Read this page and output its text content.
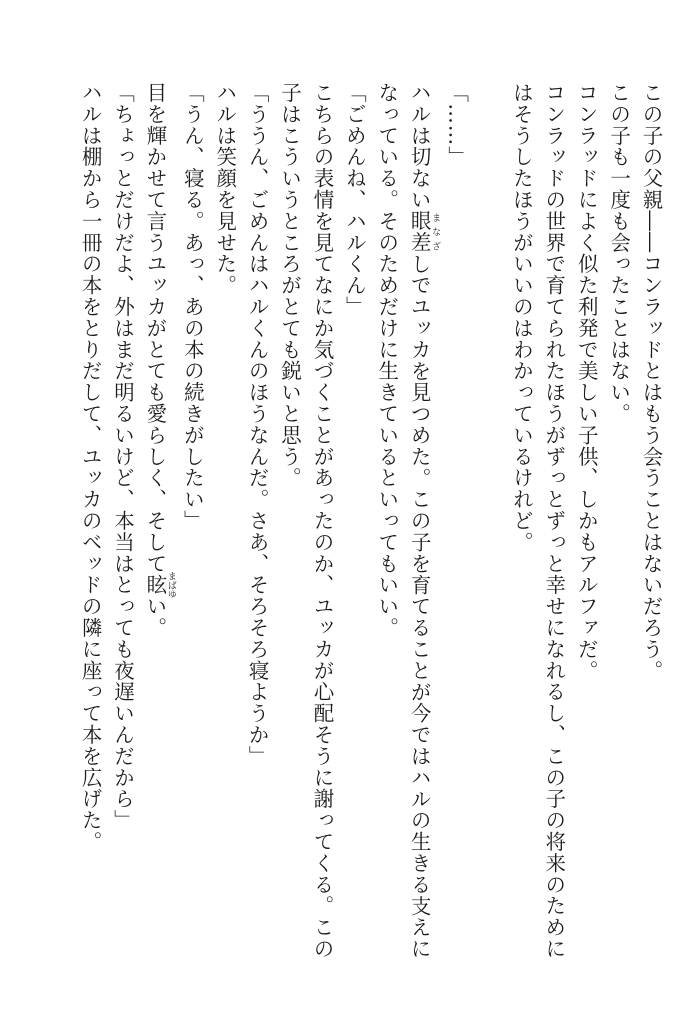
この子の父親――コンラッドとはもう会うことはないだろう。
この子も一度も会ったことはない。
コンラッドによく似た利発で美しい子供、しかもアルファだ。
コンラッドの世界で育てられたほうがずっとずっと幸せになれるし、この子の将来のために
はそうしたほうがいいのはわかっているけれど。
「……」
ハルは切ない眼差 まなざしでユッカを見つめた。この子を育てることが今ではハルの生きる支えに
なっている。そのためだけに生きているといってもいい。
「ごめんね、ハルくん」
こちらの表情を見てなにか気づくことがあったのか、ユッカが心配そうに謝ってくる。この
子はこういうところがとても鋭いと思う。
「ううん、ごめんはハルくんのほうなんだ。さあ、そろそろ寝ようか」
ハルは笑顔を見せた。
「うん、寝る。あっ、あの本の続きがしたい」
目を輝かせて言うユッカがとても愛らしく、そして眩 まばゆい。
「ちょっとだけだよ、外はまだ明るいけど、本当はとっても夜遅いんだから」
ハルは棚から一冊の本をとりだして、ユッカのベッドの隣に座って本を広げた。
